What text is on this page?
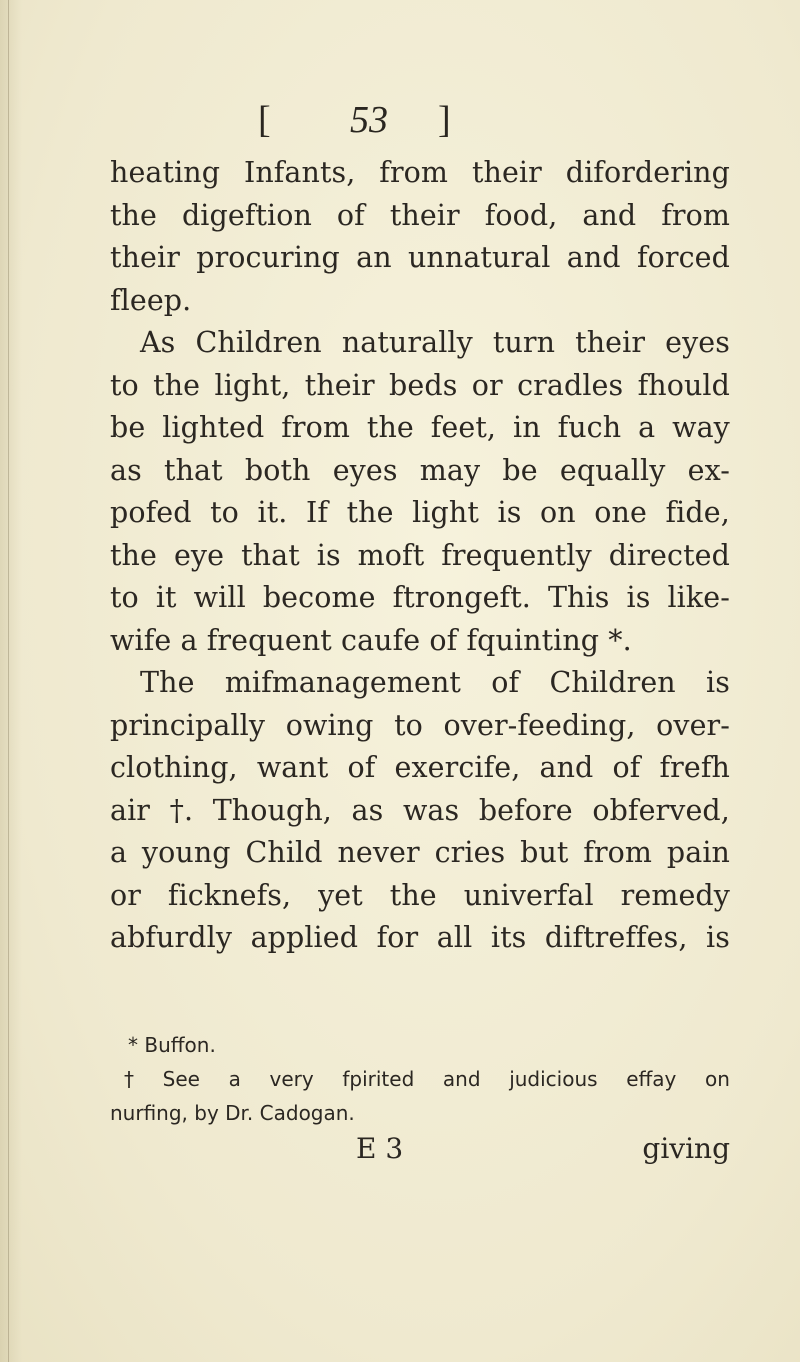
[ 53 ]
heating Infants, from their difordering
the digeftion of their food, and from
their procuring an unnatural and forced
fleep.
As Children naturally turn their eyes
to the light, their beds or cradles fhould
be lighted from the feet, in fuch a way
as that both eyes may be equally ex-
pofed to it. If the light is on one fide,
the eye that is moft frequently directed
to it will become ftrongeft. This is like-
wife a frequent caufe of fquinting *.
The mifmanagement of Children is
principally owing to over-feeding, over-
clothing, want of exercife, and of frefh
air †. Though, as was before obferved,
a young Child never cries but from pain
or ficknefs, yet the univerfal remedy
abfurdly applied for all its diftreffes, is
* Buffon.
† See a very fpirited and judicious effay on
nurfing, by Dr. Cadogan.
E 3	giving
